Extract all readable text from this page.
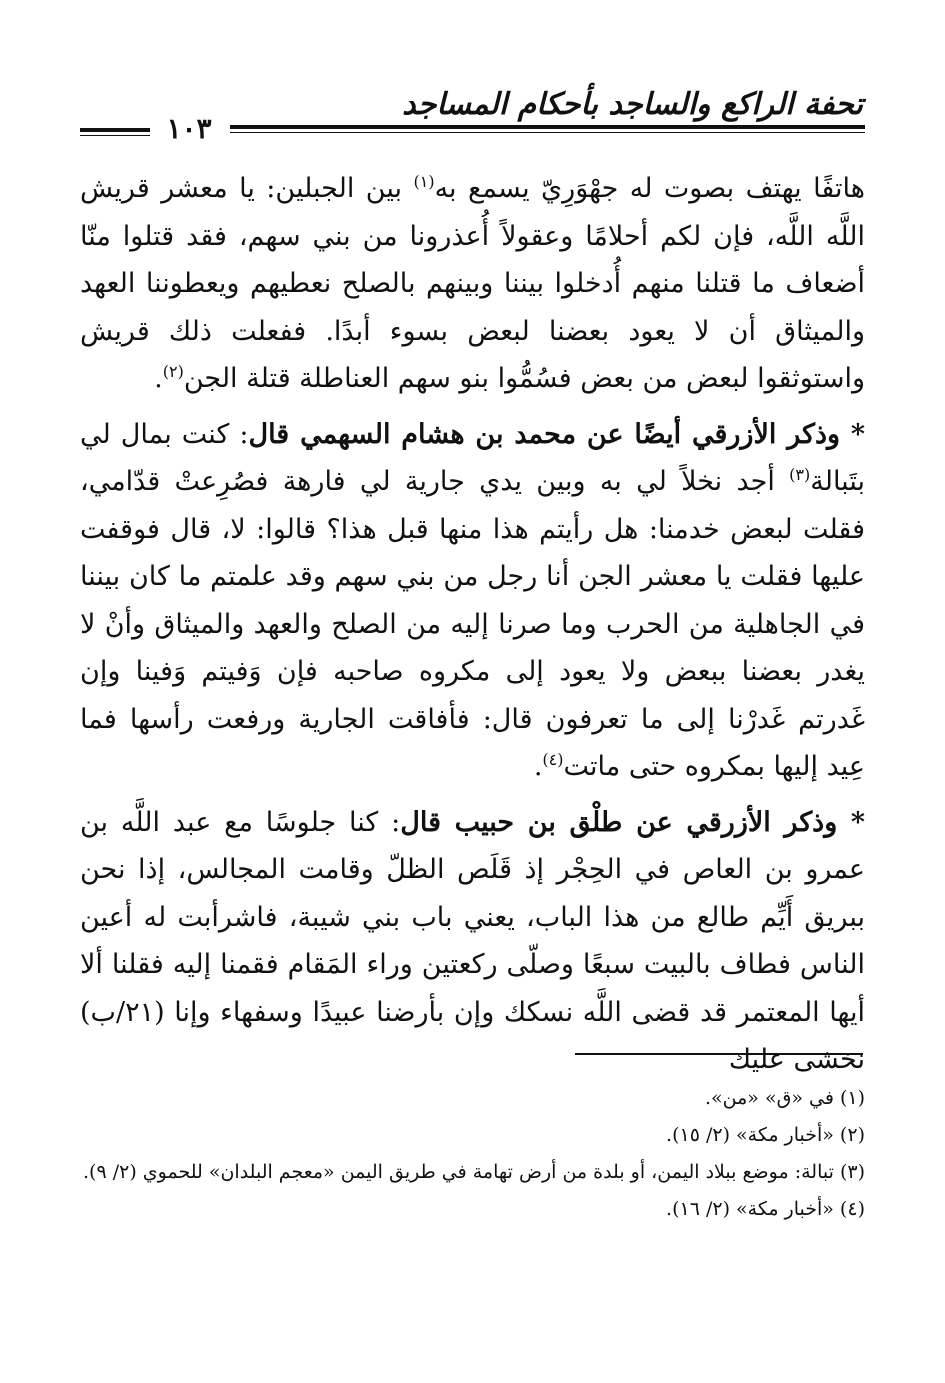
تحفة الراكع والساجد بأحكام المساجد
١٠٣

هاتفًا يهتف بصوت له جهْوَرِيّ يسمع به$^{(١)}$ بين الجبلين: يا معشر قريش اللَّه اللَّه، فإن لكم أحلامًا وعقولاً أُعذرونا من بني سهم، فقد قتلوا منّا أضعاف ما قتلنا منهم أُدخلوا بيننا وبينهم بالصلح نعطيهم ويعطوننا العهد والميثاق أن لا يعود بعضنا لبعض بسوء أبدًا. ففعلت ذلك قريش واستوثقوا لبعض من بعض فسُمُّوا بنو سهم العناطلة قتلة الجن$^{(٢)}$.

* وذكر الأزرقي أيضًا عن محمد بن هشام السهمي قال: كنت بمال لي بتَبالة$^{(٣)}$ أجد نخلاً لي به وبين يدي جارية لي فارهة فصُرِعتْ قدّامي، فقلت لبعض خدمنا: هل رأيتم هذا منها قبل هذا؟ قالوا: لا، قال فوقفت عليها فقلت يا معشر الجن أنا رجل من بني سهم وقد علمتم ما كان بيننا في الجاهلية من الحرب وما صرنا إليه من الصلح والعهد والميثاق وأنْ لا يغدر بعضنا ببعض ولا يعود إلى مكروه صاحبه فإن وَفيتم وَفينا وإن غَدرتم غَدرْنا إلى ما تعرفون قال: فأفاقت الجارية ورفعت رأسها فما عِيد إليها بمكروه حتى ماتت$^{(٤)}$.

* وذكر الأزرقي عن طلْق بن حبيب قال: كنا جلوسًا مع عبد اللَّه بن عمرو بن العاص في الحِجْر إذ قَلَص الظلّ وقامت المجالس، إذا نحن ببريق أَيِّم طالع من هذا الباب، يعني باب بني شيبة، فاشرأبت له أعين الناس فطاف بالبيت سبعًا وصلّى ركعتين وراء المَقام فقمنا إليه فقلنا ألا أيها المعتمر قد قضى اللَّه نسكك وإن بأرضنا عبيدًا وسفهاء وإنا (٢١/ب) نخشى عليك

(١) في «ق» «من».

(٢) «أخبار مكة» (٢/ ١٥).

(٣) تبالة: موضع ببلاد اليمن، أو بلدة من أرض تهامة في طريق اليمن «معجم البلدان» للحموي (٢/ ٩).

(٤) «أخبار مكة» (٢/ ١٦).
